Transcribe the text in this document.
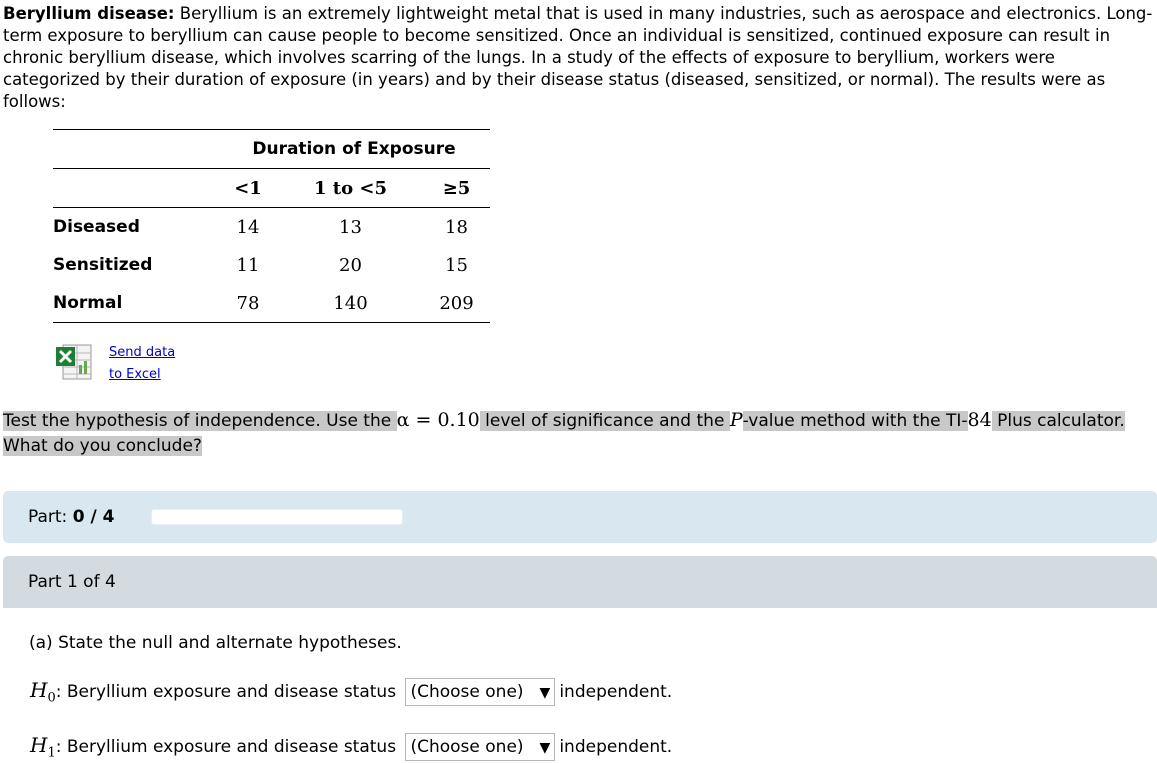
Beryllium disease: Beryllium is an extremely lightweight metal that is used in many industries, such as aerospace and electronics. Long-term exposure to beryllium can cause people to become sensitized. Once an individual is sensitized, continued exposure can result in chronic beryllium disease, which involves scarring of the lungs. In a study of the effects of exposure to beryllium, workers were categorized by their duration of exposure (in years) and by their disease status (diseased, sensitized, or normal). The results were as follows:

	Duration of Exposure		
	<1	1 to <5	≥5
Diseased	14	13	18
Sensitized	11	20	15
Normal	78	140	209
Send data
to Excel
Test the hypothesis of independence. Use the α = 0.10 level of significance and the P-value method with the TI-84 Plus calculator.
What do you conclude?
Part: 0 / 4
Part 1 of 4
(a) State the null and alternate hypotheses.
$H_0$: Beryllium exposure and disease status (Choose one) ▼ independent.
$H_1$: Beryllium exposure and disease status (Choose one) ▼ independent.
